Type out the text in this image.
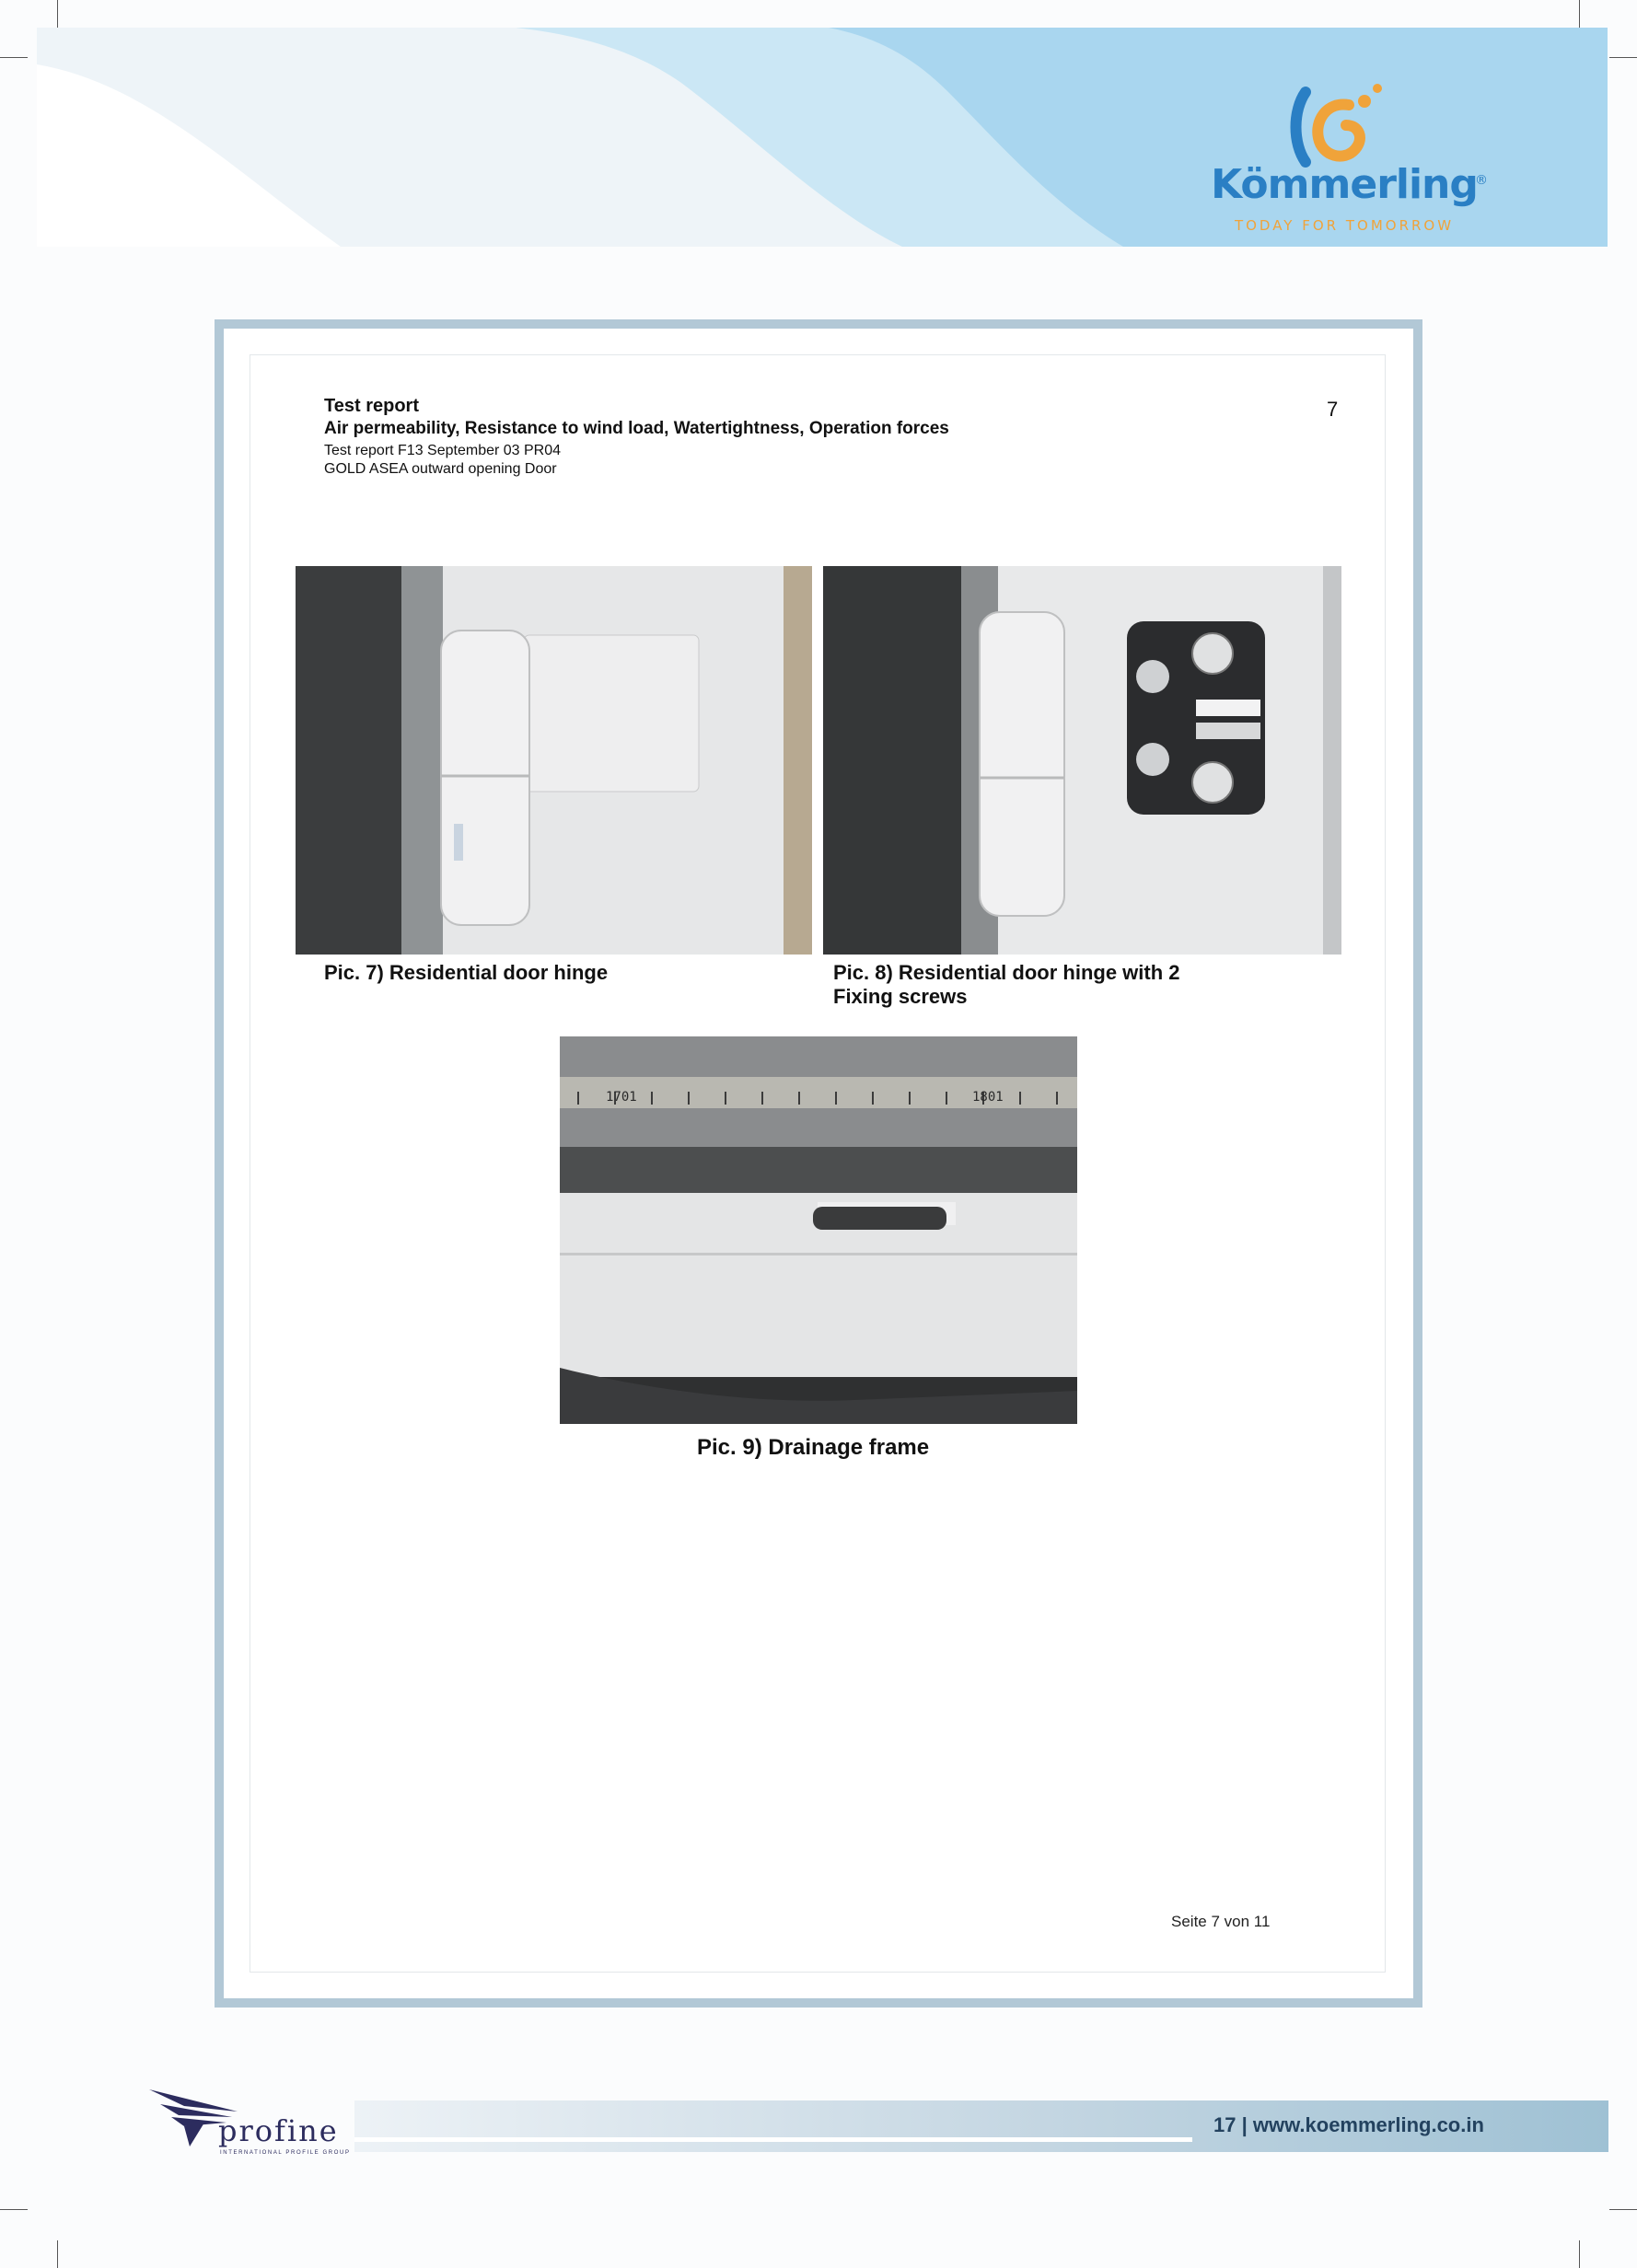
Kömmerling
®
TODAY FOR TOMORROW
Test report
Air permeability, Resistance to wind load, Watertightness, Operation forces
Test report F13 September 03 PR04
GOLD ASEA outward opening Door
7
Pic. 7) Residential door hinge	Pic. 8) Residential door hinge with 2
Fixing screws
1701	1801
Pic. 9) Drainage frame
Seite 7 von 11
17 | www.koemmerling.co.in
profine
INTERNATIONAL PROFILE GROUP
